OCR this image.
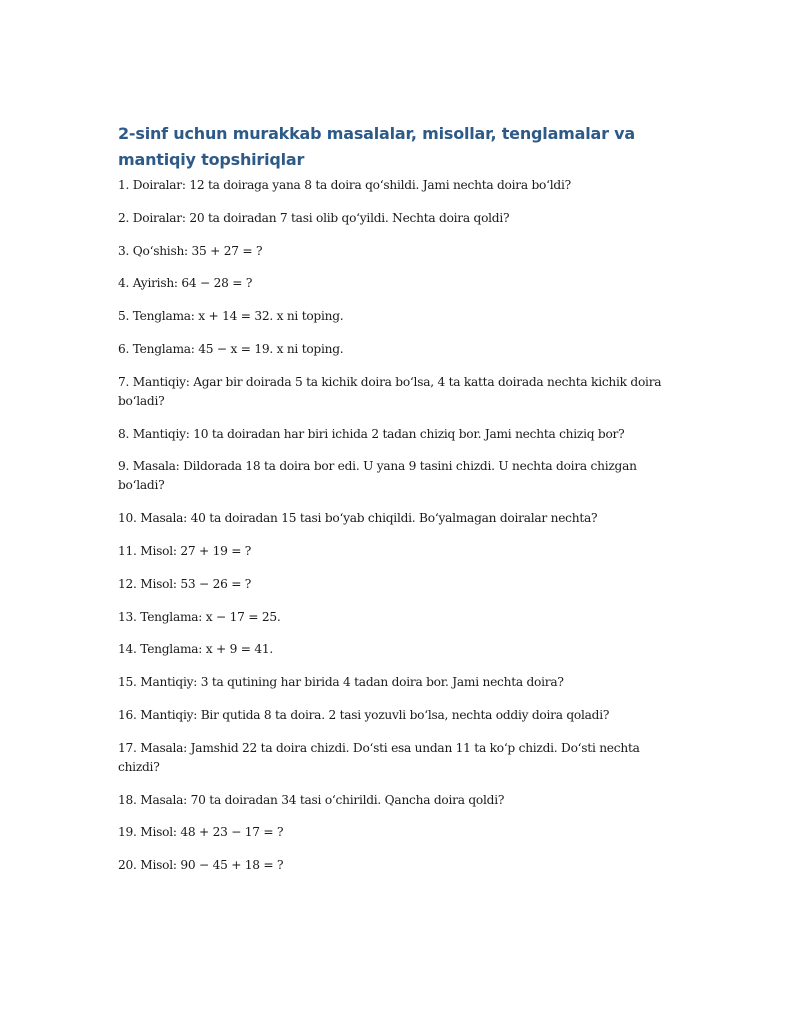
2-sinf uchun murakkab masalalar, misollar, tenglamalar va mantiqiy topshiriqlar
1. Doiralar: 12 ta doiraga yana 8 ta doira qo‘shildi. Jami nechta doira bo‘ldi?
2. Doiralar: 20 ta doiradan 7 tasi olib qo‘yildi. Nechta doira qoldi?
3. Qo‘shish: 35 + 27 = ?
4. Ayirish: 64 − 28 = ?
5. Tenglama: x + 14 = 32. x ni toping.
6. Tenglama: 45 − x = 19. x ni toping.
7. Mantiqiy: Agar bir doirada 5 ta kichik doira bo‘lsa, 4 ta katta doirada nechta kichik doira bo‘ladi?
8. Mantiqiy: 10 ta doiradan har biri ichida 2 tadan chiziq bor. Jami nechta chiziq bor?
9. Masala: Dildorada 18 ta doira bor edi. U yana 9 tasini chizdi. U nechta doira chizgan bo‘ladi?
10. Masala: 40 ta doiradan 15 tasi bo‘yab chiqildi. Bo‘yalmagan doiralar nechta?
11. Misol: 27 + 19 = ?
12. Misol: 53 − 26 = ?
13. Tenglama: x − 17 = 25.
14. Tenglama: x + 9 = 41.
15. Mantiqiy: 3 ta qutining har birida 4 tadan doira bor. Jami nechta doira?
16. Mantiqiy: Bir qutida 8 ta doira. 2 tasi yozuvli bo‘lsa, nechta oddiy doira qoladi?
17. Masala: Jamshid 22 ta doira chizdi. Do‘sti esa undan 11 ta ko‘p chizdi. Do‘sti nechta chizdi?
18. Masala: 70 ta doiradan 34 tasi o‘chirildi. Qancha doira qoldi?
19. Misol: 48 + 23 − 17 = ?
20. Misol: 90 − 45 + 18 = ?
